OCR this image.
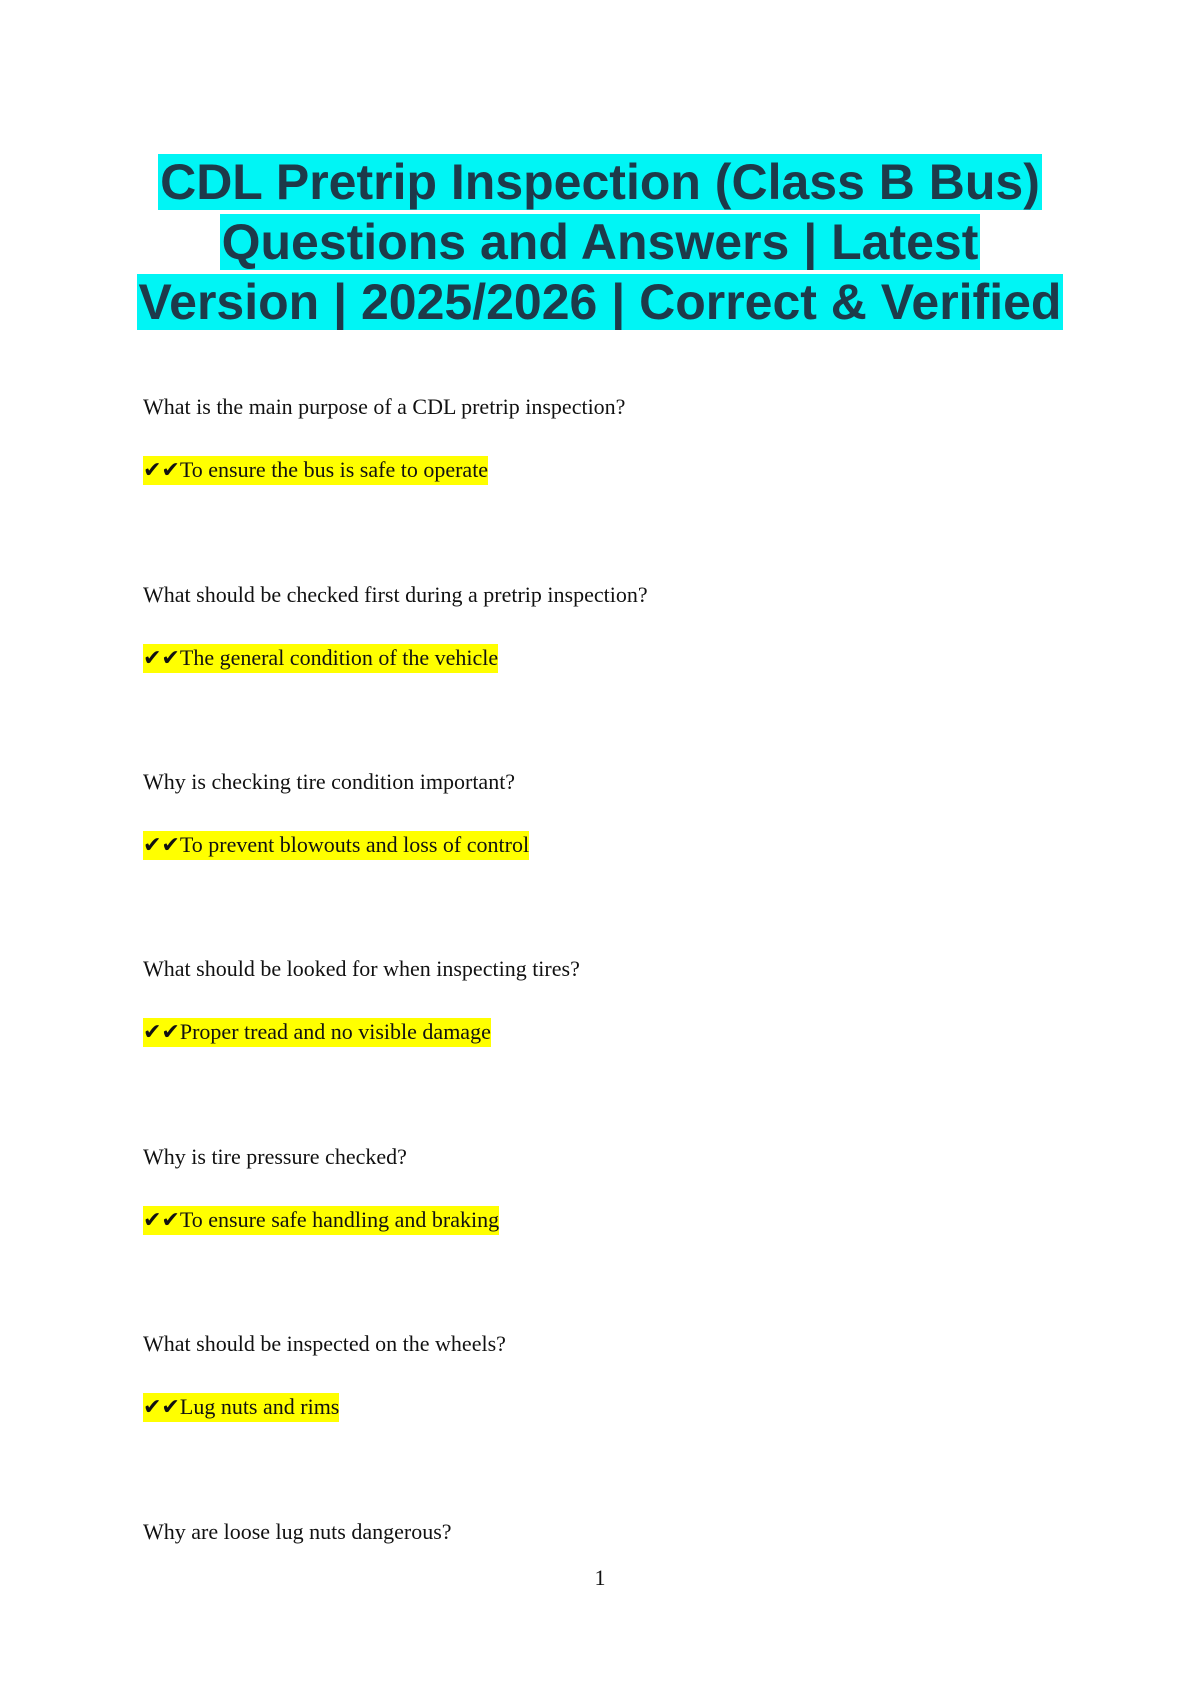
CDL Pretrip Inspection (Class B Bus)
Questions and Answers | Latest
Version | 2025/2026 | Correct & Verified

What is the main purpose of a CDL pretrip inspection?

✔✔To ensure the bus is safe to operate

What should be checked first during a pretrip inspection?

✔✔The general condition of the vehicle

Why is checking tire condition important?

✔✔To prevent blowouts and loss of control

What should be looked for when inspecting tires?

✔✔Proper tread and no visible damage

Why is tire pressure checked?

✔✔To ensure safe handling and braking

What should be inspected on the wheels?

✔✔Lug nuts and rims

Why are loose lug nuts dangerous?

1
